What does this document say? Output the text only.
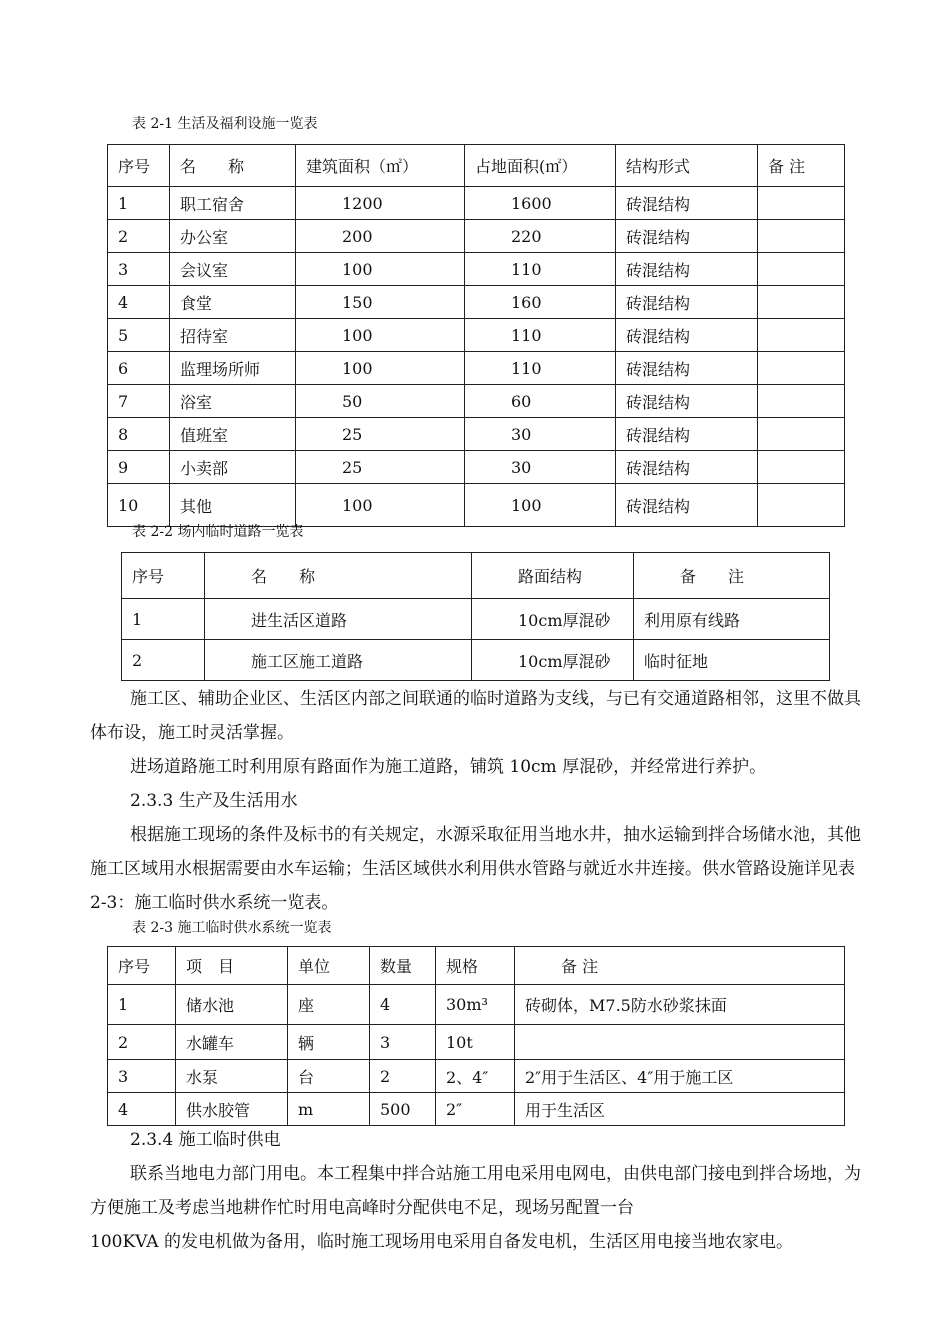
表 2-1 生活及福利设施一览表
序号	名　　称	建筑面积（㎡）	占地面积(㎡）	结构形式	备 注
1	职工宿舍	1200	1600	砖混结构	
2	办公室	200	220	砖混结构	
3	会议室	100	110	砖混结构	
4	食堂	150	160	砖混结构	
5	招待室	100	110	砖混结构	
6	监理场所师	100	110	砖混结构	
7	浴室	50	60	砖混结构	
8	值班室	25	30	砖混结构	
9	小卖部	25	30	砖混结构	
10	其他	100	100	砖混结构	
表 2-2 场内临时道路一览表
序号	名　　称	路面结构	备　　注
1	进生活区道路	10cm厚混砂	利用原有线路
2	施工区施工道路	10cm厚混砂	临时征地

施工区、辅助企业区、生活区内部之间联通的临时道路为支线，与已有交通道路相邻，这里不做具体布设，施工时灵活掌握。

进场道路施工时利用原有路面作为施工道路，铺筑 10cm 厚混砂，并经常进行养护。

2.3.3 生产及生活用水

根据施工现场的条件及标书的有关规定，水源采取征用当地水井，抽水运输到拌合场储水池，其他施工区域用水根据需要由水车运输；生活区域供水利用供水管路与就近水井连接。供水管路设施详见表 2-3：施工临时供水系统一览表。

表 2-3 施工临时供水系统一览表
序号	项　目	单位	数量	规格	备 注
1	储水池	座	4	30m³	砖砌体，M7.5防水砂浆抹面
2	水罐车	辆	3	10t	
3	水泵	台	2	2、4″	2″用于生活区、4″用于施工区
4	供水胶管	m	500	2″	用于生活区

2.3.4 施工临时供电

联系当地电力部门用电。本工程集中拌合站施工用电采用电网电，由供电部门接电到拌合场地，为方便施工及考虑当地耕作忙时用电高峰时分配供电不足，现场另配置一台

100KVA 的发电机做为备用，临时施工现场用电采用自备发电机，生活区用电接当地农家电。
